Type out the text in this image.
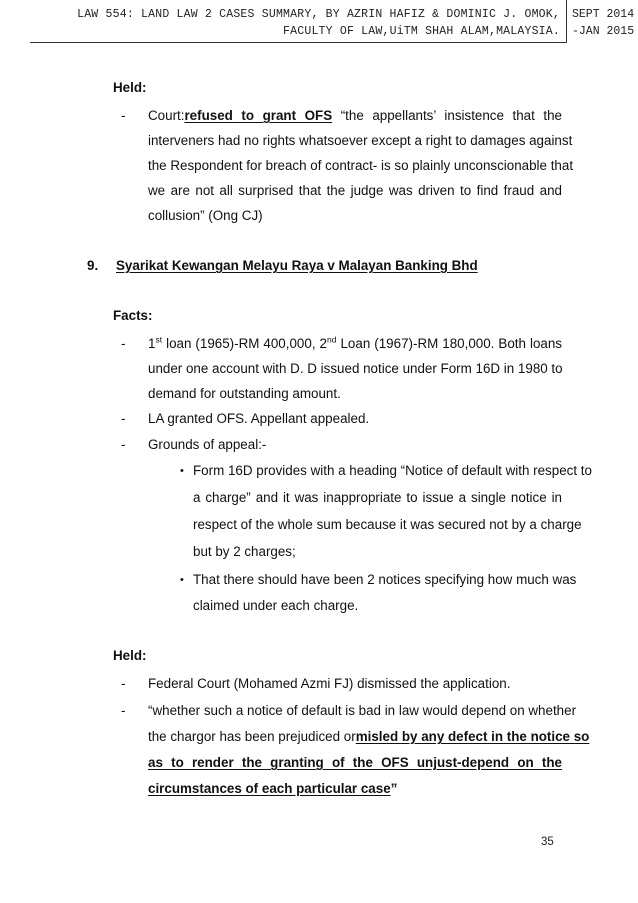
LAW 554: LAND LAW 2 CASES SUMMARY, BY AZRIN HAFIZ & DOMINIC J. OMOK,
FACULTY OF LAW,UiTM SHAH ALAM,MALAYSIA.
SEPT 2014
-JAN 2015
Held:
- Court:refused to grant OFS “the appellants’ insistence that the
interveners had no rights whatsoever except a right to damages against
the Respondent for breach of contract- is so plainly unconscionable that
we are not all surprised that the judge was driven to find fraud and
collusion” (Ong CJ)
9. Syarikat Kewangan Melayu Raya v Malayan Banking Bhd
Facts:
- 1st loan (1965)-RM 400,000, 2nd Loan (1967)-RM 180,000. Both loans
under one account with D. D issued notice under Form 16D in 1980 to
demand for outstanding amount.
- LA granted OFS. Appellant appealed.
- Grounds of appeal:-
• Form 16D provides with a heading “Notice of default with respect to
a charge” and it was inappropriate to issue a single notice in
respect of the whole sum because it was secured not by a charge
but by 2 charges;
• That there should have been 2 notices specifying how much was
claimed under each charge.
Held:
- Federal Court (Mohamed Azmi FJ) dismissed the application.
- “whether such a notice of default is bad in law would depend on whether
the chargor has been prejudiced ormisled by any defect in the notice so
as to render the granting of the OFS unjust-depend on the
circumstances of each particular case”
35
